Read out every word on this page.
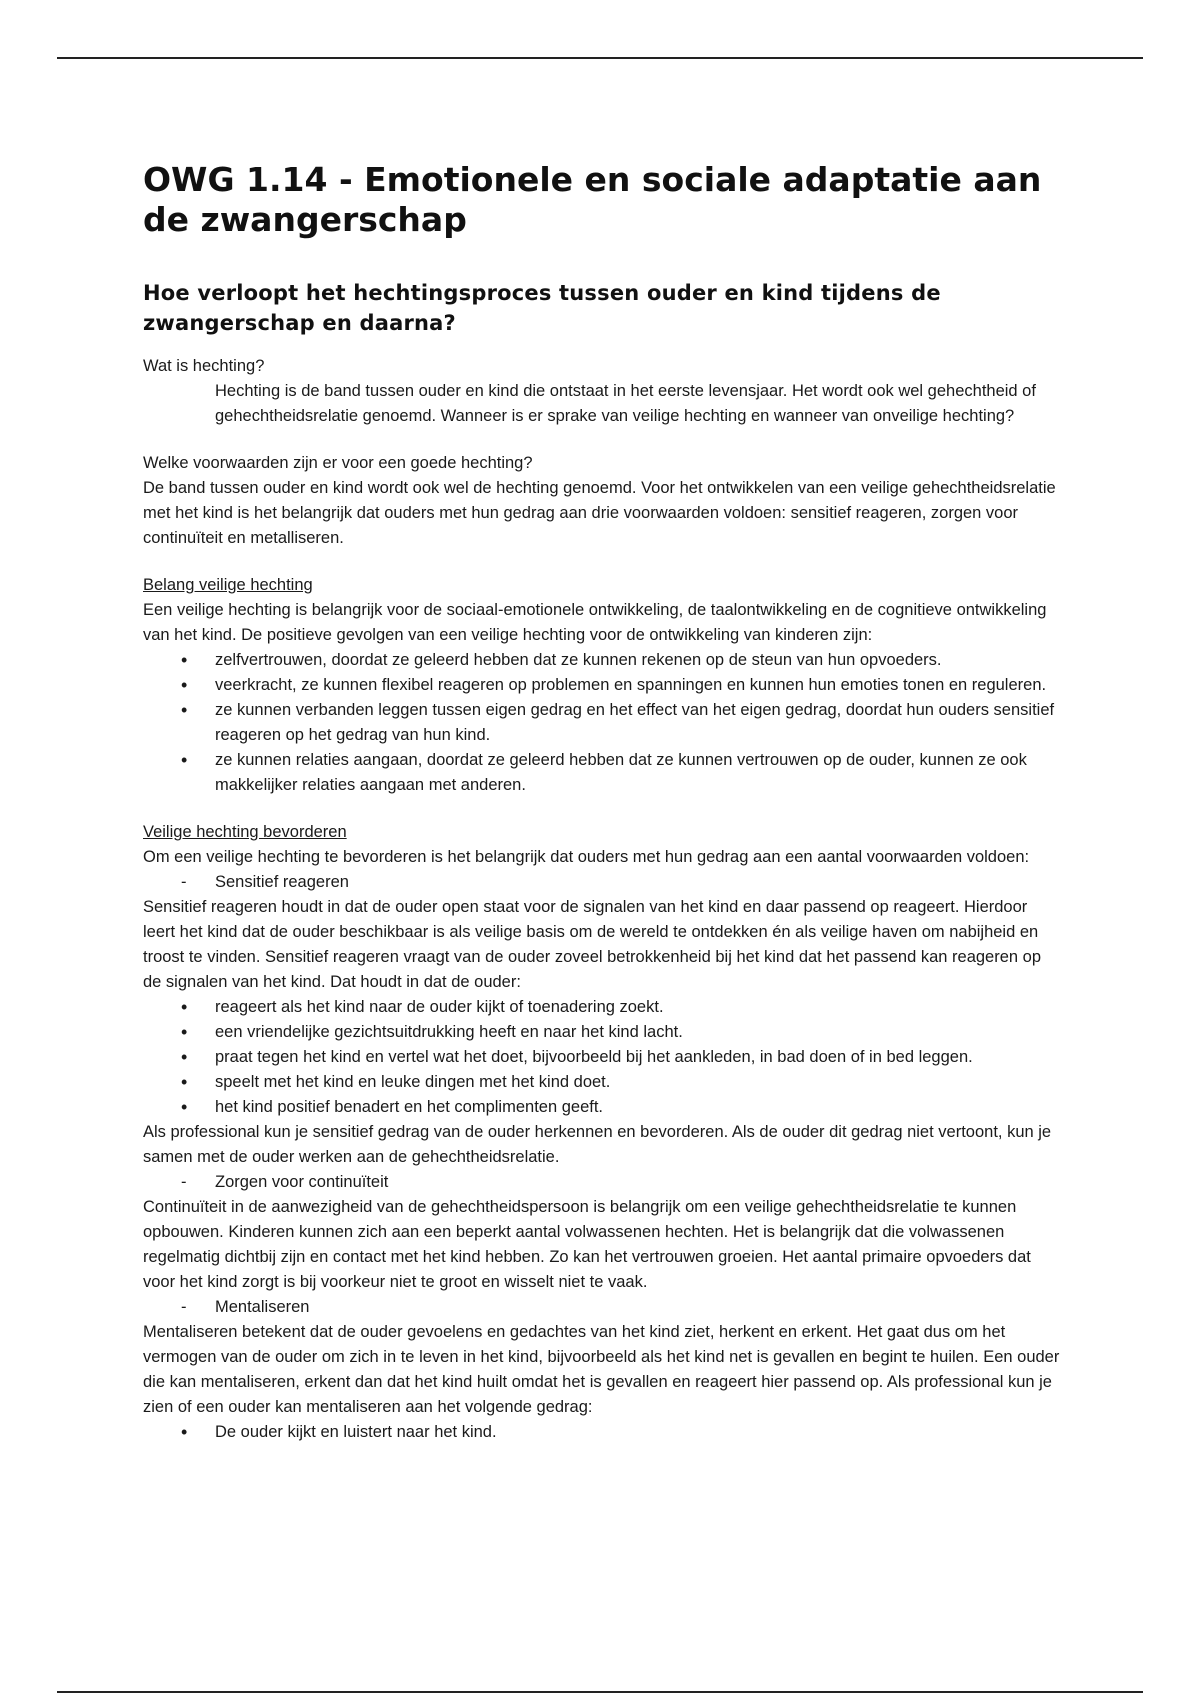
OWG 1.14 - Emotionele en sociale adaptatie aan de zwangerschap
Hoe verloopt het hechtingsproces tussen ouder en kind tijdens de zwangerschap en daarna?

Wat is hechting?

Hechting is de band tussen ouder en kind die ontstaat in het eerste levensjaar. Het wordt ook wel gehechtheid of gehechtheidsrelatie genoemd. Wanneer is er sprake van veilige hechting en wanneer van onveilige hechting?

Welke voorwaarden zijn er voor een goede hechting?

De band tussen ouder en kind wordt ook wel de hechting genoemd. Voor het ontwikkelen van een veilige gehechtheidsrelatie met het kind is het belangrijk dat ouders met hun gedrag aan drie voorwaarden voldoen: sensitief reageren, zorgen voor continuïteit en metalliseren.

Belang veilige hechting

Een veilige hechting is belangrijk voor de sociaal-emotionele ontwikkeling, de taalontwikkeling en de cognitieve ontwikkeling van het kind. De positieve gevolgen van een veilige hechting voor de ontwikkeling van kinderen zijn:

• zelfvertrouwen, doordat ze geleerd hebben dat ze kunnen rekenen op de steun van hun opvoeders.
• veerkracht, ze kunnen flexibel reageren op problemen en spanningen en kunnen hun emoties tonen en reguleren.
• ze kunnen verbanden leggen tussen eigen gedrag en het effect van het eigen gedrag, doordat hun ouders sensitief reageren op het gedrag van hun kind.
• ze kunnen relaties aangaan, doordat ze geleerd hebben dat ze kunnen vertrouwen op de ouder, kunnen ze ook makkelijker relaties aangaan met anderen.

Veilige hechting bevorderen

Om een veilige hechting te bevorderen is het belangrijk dat ouders met hun gedrag aan een aantal voorwaarden voldoen:

- Sensitief reageren

Sensitief reageren houdt in dat de ouder open staat voor de signalen van het kind en daar passend op reageert. Hierdoor leert het kind dat de ouder beschikbaar is als veilige basis om de wereld te ontdekken én als veilige haven om nabijheid en troost te vinden. Sensitief reageren vraagt van de ouder zoveel betrokkenheid bij het kind dat het passend kan reageren op de signalen van het kind. Dat houdt in dat de ouder:

• reageert als het kind naar de ouder kijkt of toenadering zoekt.
• een vriendelijke gezichtsuitdrukking heeft en naar het kind lacht.
• praat tegen het kind en vertel wat het doet, bijvoorbeeld bij het aankleden, in bad doen of in bed leggen.
• speelt met het kind en leuke dingen met het kind doet.
• het kind positief benadert en het complimenten geeft.

Als professional kun je sensitief gedrag van de ouder herkennen en bevorderen. Als de ouder dit gedrag niet vertoont, kun je samen met de ouder werken aan de gehechtheidsrelatie.

- Zorgen voor continuïteit

Continuïteit in de aanwezigheid van de gehechtheidspersoon is belangrijk om een veilige gehechtheidsrelatie te kunnen opbouwen. Kinderen kunnen zich aan een beperkt aantal volwassenen hechten. Het is belangrijk dat die volwassenen regelmatig dichtbij zijn en contact met het kind hebben. Zo kan het vertrouwen groeien. Het aantal primaire opvoeders dat voor het kind zorgt is bij voorkeur niet te groot en wisselt niet te vaak.

- Mentaliseren

Mentaliseren betekent dat de ouder gevoelens en gedachtes van het kind ziet, herkent en erkent. Het gaat dus om het vermogen van de ouder om zich in te leven in het kind, bijvoorbeeld als het kind net is gevallen en begint te huilen. Een ouder die kan mentaliseren, erkent dan dat het kind huilt omdat het is gevallen en reageert hier passend op. Als professional kun je zien of een ouder kan mentaliseren aan het volgende gedrag:

• De ouder kijkt en luistert naar het kind.
